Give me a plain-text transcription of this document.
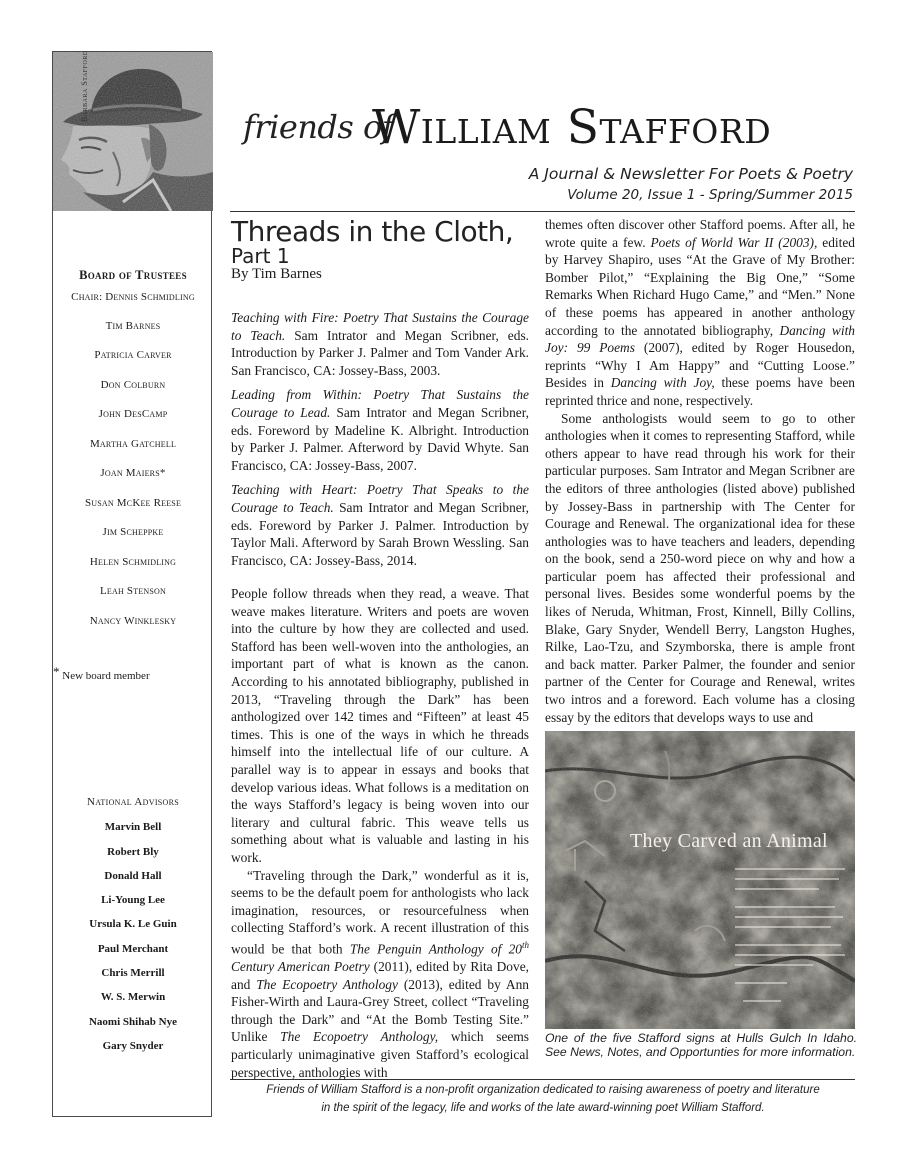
Barbara Stafford
Board of Trustees
Chair: Dennis Schmidling
Tim Barnes
Patricia Carver
Don Colburn
John DesCamp
Martha Gatchell
Joan Maiers*
Susan McKee Reese
Jim Scheppke
Helen Schmidling
Leah Stenson
Nancy Winklesky
* New board member
National Advisors
Marvin Bell
Robert Bly
Donald Hall
Li-Young Lee
Ursula K. Le Guin
Paul Merchant
Chris Merrill
W. S. Merwin
Naomi Shihab Nye
Gary Snyder
friends of
William Stafford
A Journal & Newsletter For Poets & Poetry
Volume 20, Issue 1 - Spring/Summer 2015
Threads in the Cloth,
Part 1
By Tim Barnes

Teaching with Fire: Poetry That Sustains the Courage to Teach. Sam Intrator and Megan Scribner, eds. Introduction by Parker J. Palmer and Tom Vander Ark. San Francisco, CA: Jossey-Bass, 2003.

Leading from Within: Poetry That Sustains the Courage to Lead. Sam Intrator and Megan Scribner, eds. Foreword by Madeline K. Albright. Introduction by Parker J. Palmer. Afterword by David Whyte. San Francisco, CA: Jossey-Bass, 2007.

Teaching with Heart: Poetry That Speaks to the Courage to Teach. Sam Intrator and Megan Scribner, eds. Foreword by Parker J. Palmer. Introduction by Taylor Mali. Afterword by Sarah Brown Wessling. San Francisco, CA: Jossey-Bass, 2014.

People follow threads when they read, a weave. That weave makes literature. Writers and poets are woven into the culture by how they are collected and used. Stafford has been well-woven into the anthologies, an important part of what is known as the canon. According to his annotated bibliography, published in 2013, “Traveling through the Dark” has been anthologized over 142 times and “Fifteen” at least 45 times. This is one of the ways in which he threads himself into the intellectual life of our culture. A parallel way is to appear in essays and books that develop various ideas. What follows is a meditation on the ways Stafford’s legacy is being woven into our literary and cultural fabric. This weave tells us something about what is valuable and lasting in his work.

“Traveling through the Dark,” wonderful as it is, seems to be the default poem for anthologists who lack imagination, resources, or resourcefulness when collecting Stafford’s work. A recent illustration of this would be that both The Penguin Anthology of 20th Century American Poetry (2011), edited by Rita Dove, and The Ecopoetry Anthology (2013), edited by Ann Fisher-Wirth and Laura-Grey Street, collect “Traveling through the Dark” and “At the Bomb Testing Site.” Unlike The Ecopoetry Anthology, which seems particularly unimaginative given Stafford’s ecological perspective, anthologies with

themes often discover other Stafford poems. After all, he wrote quite a few. Poets of World War II (2003), edited by Harvey Shapiro, uses “At the Grave of My Brother: Bomber Pilot,” “Explaining the Big One,” “Some Remarks When Richard Hugo Came,” and “Men.” None of these poems has appeared in another anthology according to the annotated bibliography, Dancing with Joy: 99 Poems (2007), edited by Roger Housedon, reprints “Why I Am Happy” and “Cutting Loose.” Besides in Dancing with Joy, these poems have been reprinted thrice and none, respectively.

Some anthologists would seem to go to other anthologies when it comes to representing Stafford, while others appear to have read through his work for their particular purposes. Sam Intrator and Megan Scribner are the editors of three anthologies (listed above) published by Jossey-Bass in partnership with The Center for Courage and Renewal. The organizational idea for these anthologies was to have teachers and leaders, depending on the book, send a 250-word piece on why and how a particular poem has affected their professional and personal lives. Besides some wonderful poems by the likes of Neruda, Whitman, Frost, Kinnell, Billy Collins, Blake, Gary Snyder, Wendell Berry, Langston Hughes, Rilke, Lao-Tzu, and Szymborska, there is ample front and back matter. Parker Palmer, the founder and senior partner of the Center for Courage and Renewal, writes two intros and a foreword. Each volume has a closing essay by the editors that develops ways to use and

They Carved an Animal
One of the five Stafford signs at Hulls Gulch In Idaho. See News, Notes, and Opportunties for more information.
Friends of William Stafford is a non-profit organization dedicated to raising awareness of poetry and literature
in the spirit of the legacy, life and works of the late award-winning poet William Stafford.
